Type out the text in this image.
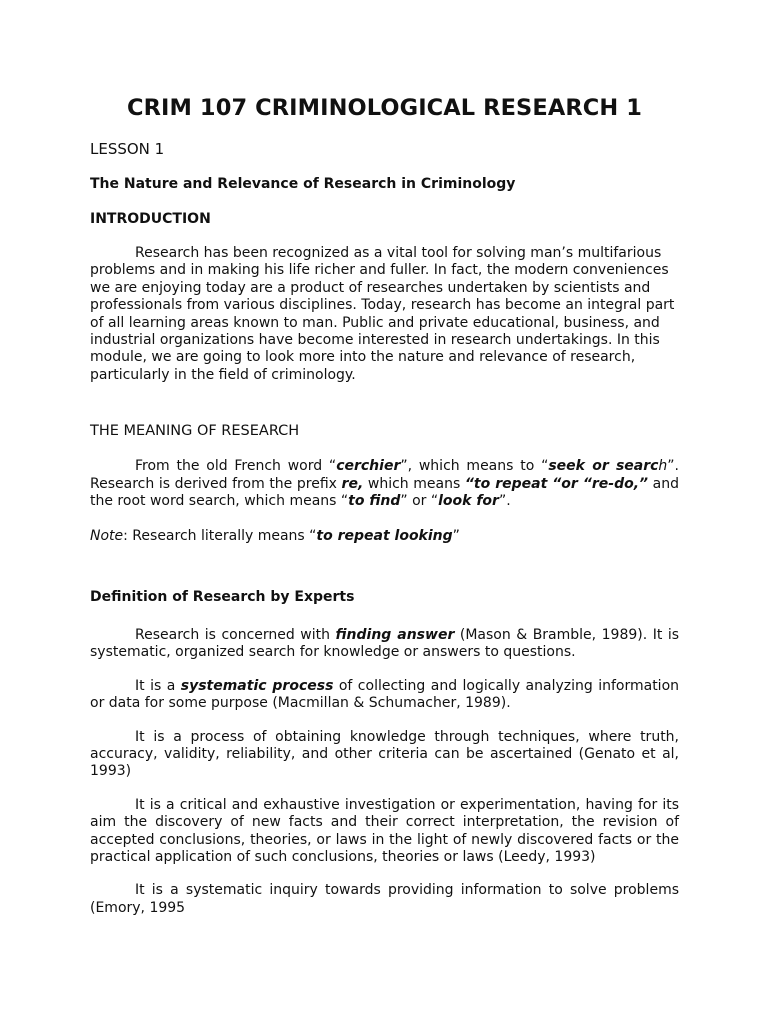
CRIM 107 CRIMINOLOGICAL RESEARCH 1
LESSON 1
The Nature and Relevance of Research in Criminology
INTRODUCTION

Research has been recognized as a vital tool for solving man’s multifarious problems and in making his life richer and fuller. In fact, the modern conveniences we are enjoying today are a product of researches undertaken by scientists and professionals from various disciplines. Today, research has become an integral part of all learning areas known to man. Public and private educational, business, and industrial organizations have become interested in research undertakings. In this module, we are going to look more into the nature and relevance of research, particularly in the field of criminology.

THE MEANING OF RESEARCH

From the old French word “cerchier”, which means to “seek or search”. Research is derived from the prefix re, which means “to repeat “or “re-do,” and the root word search, which means “to find” or “look for”.

Note: Research literally means “to repeat looking”

Definition of Research by Experts

Research is concerned with finding answer (Mason & Bramble, 1989). It is systematic, organized search for knowledge or answers to questions.

It is a systematic process of collecting and logically analyzing information or data for some purpose (Macmillan & Schumacher, 1989).

It is a process of obtaining knowledge through techniques, where truth, accuracy, validity, reliability, and other criteria can be ascertained (Genato et al, 1993)

It is a critical and exhaustive investigation or experimentation, having for its aim the discovery of new facts and their correct interpretation, the revision of accepted conclusions, theories, or laws in the light of newly discovered facts or the practical application of such conclusions, theories or laws (Leedy, 1993)

It is a systematic inquiry towards providing information to solve problems (Emory, 1995
